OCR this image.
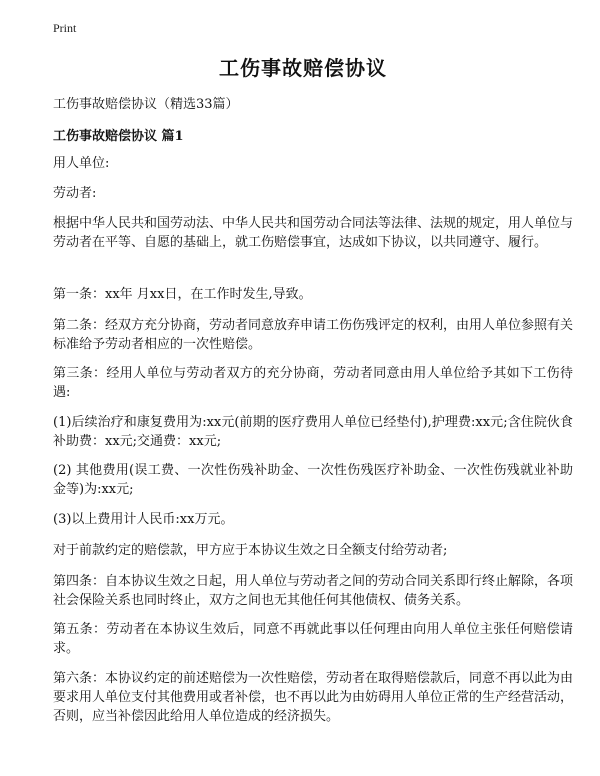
Print
工伤事故赔偿协议

工伤事故赔偿协议（精选33篇）

工伤事故赔偿协议 篇1

用人单位:

劳动者:

根据中华人民共和国劳动法、中华人民共和国劳动合同法等法律、法规的规定，用人单位与劳动者在平等、自愿的基础上，就工伤赔偿事宜，达成如下协议，以共同遵守、履行。

第一条：xx年 月xx日，在工作时发生,导致。

第二条：经双方充分协商，劳动者同意放弃申请工伤伤残评定的权利，由用人单位参照有关标准给予劳动者相应的一次性赔偿。

第三条：经用人单位与劳动者双方的充分协商，劳动者同意由用人单位给予其如下工伤待遇:

(1)后续治疗和康复费用为:xx元(前期的医疗费用人单位已经垫付),护理费:xx元;含住院伙食补助费：xx元;交通费：xx元;

(2) 其他费用(误工费、一次性伤残补助金、一次性伤残医疗补助金、一次性伤残就业补助金等)为:xx元;

(3)以上费用计人民币:xx万元。

对于前款约定的赔偿款，甲方应于本协议生效之日全额支付给劳动者;

第四条：自本协议生效之日起，用人单位与劳动者之间的劳动合同关系即行终止解除，各项社会保险关系也同时终止，双方之间也无其他任何其他债权、债务关系。

第五条：劳动者在本协议生效后，同意不再就此事以任何理由向用人单位主张任何赔偿请求。

第六条：本协议约定的前述赔偿为一次性赔偿，劳动者在取得赔偿款后，同意不再以此为由要求用人单位支付其他费用或者补偿，也不再以此为由妨碍用人单位正常的生产经营活动，否则，应当补偿因此给用人单位造成的经济损失。
